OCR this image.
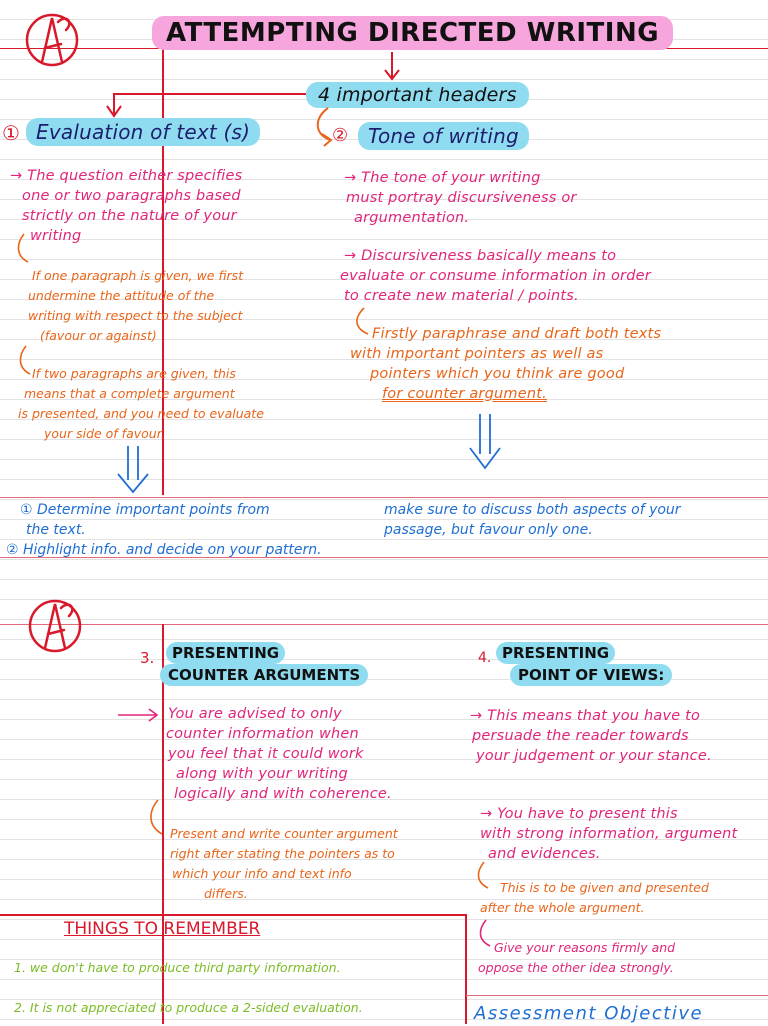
ATTEMPTING DIRECTED WRITING
4 important headers
① Evaluation of text (s)	② Tone of writing
→ The question either specifies
one or two paragraphs based
strictly on the nature of your
writing
If one paragraph is given, we first
undermine the attitude of the
writing with respect to the subject
(favour or against)
If two paragraphs are given, this
means that a complete argument
is presented, and you need to evaluate
your side of favour.
→ The tone of your writing
must portray discursiveness or
argumentation.
→ Discursiveness basically means to
evaluate or consume information in order
to create new material / points.
Firstly paraphrase and draft both texts
with important pointers as well as
pointers which you think are good
for counter argument.
① Determine important points from
the text.
② Highlight info. and decide on your pattern.
make sure to discuss both aspects of your
passage, but favour only one.
3.	PRESENTING
COUNTER ARGUMENTS
You are advised to only
counter information when
you feel that it could work
along with your writing
logically and with coherence.
Present and write counter argument
right after stating the pointers as to
which your info and text info
differs.
4. PRESENTING
POINT OF VIEWS:
→ This means that you have to
persuade the reader towards
your judgement or your stance.
→ You have to present this
with strong information, argument
and evidences.
This is to be given and presented
after the whole argument.
Give your reasons firmly and
oppose the other idea strongly.
THINGS TO REMEMBER
1. we don't have to produce third party information.
2. It is not appreciated to produce a 2-sided evaluation.	Assessment Objective
